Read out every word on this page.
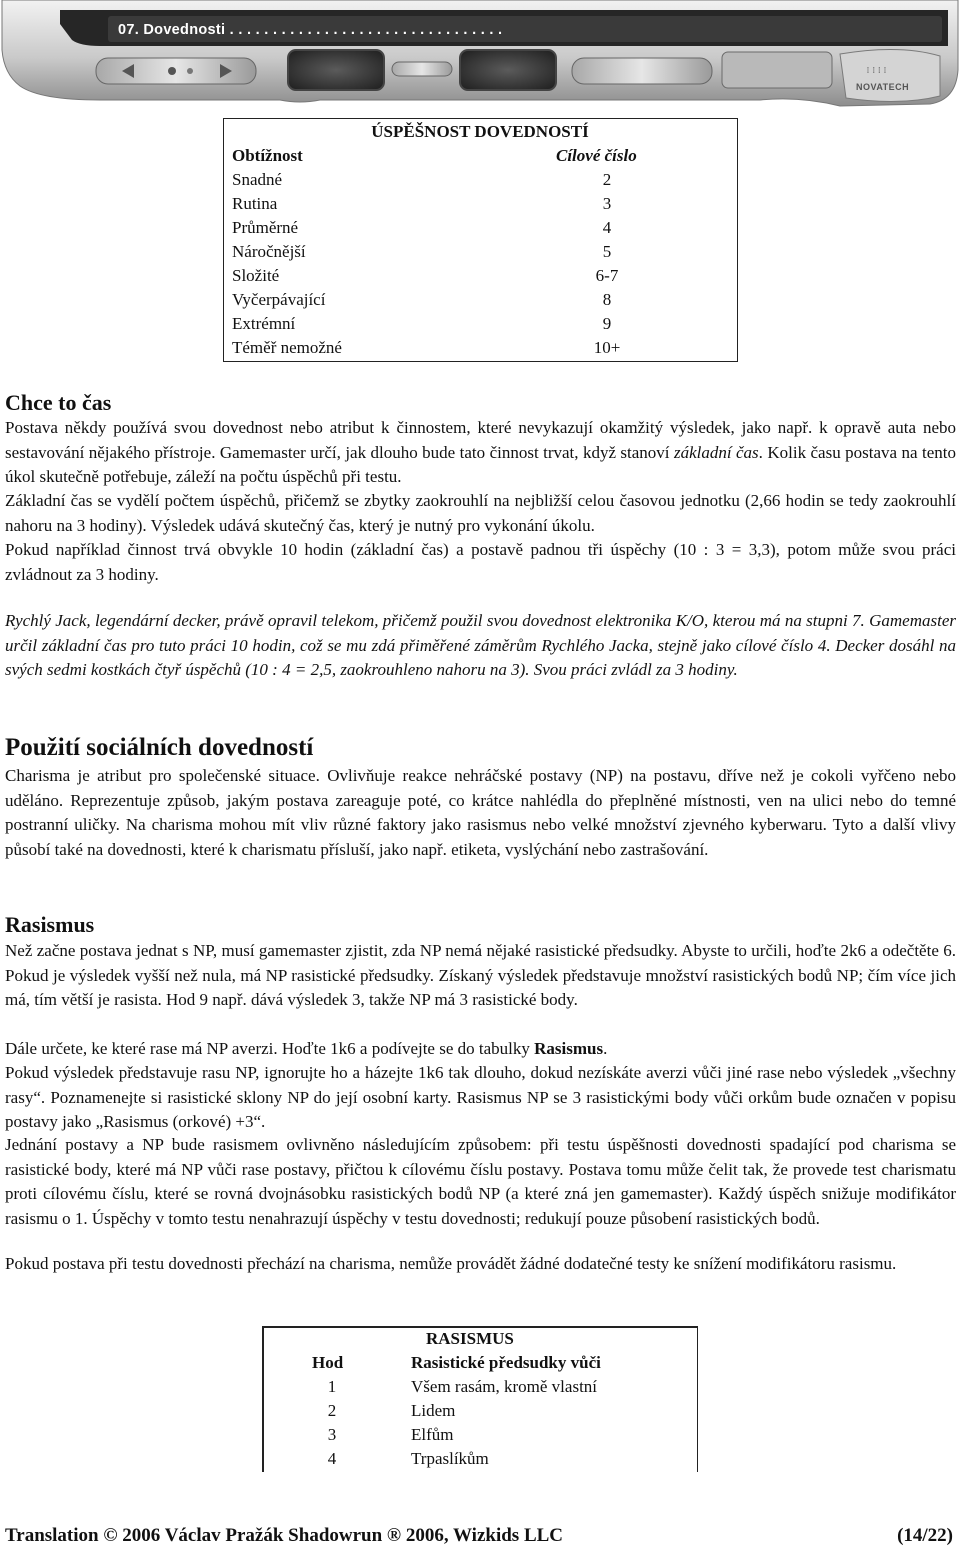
07. Dovednosti . . . . . . . . . . . . . . . . . . . . . . . . . . . . . . . .
⁞⁞⁞⁞
NOVATECH
ÚSPĚŠNOST DOVEDNOSTÍ
Obtížnost	Cílové číslo
Snadné	2
Rutina	3
Průměrné	4
Náročnější	5
Složité	6-7
Vyčerpávající	8
Extrémní	9
Téměř nemožné	10+
Chce to čas
Postava někdy používá svou dovednost nebo atribut k činnostem, které nevykazují okamžitý výsledek, jako např. k opravě auta nebo sestavování nějakého přístroje. Gamemaster určí, jak dlouho bude tato činnost trvat, když stanoví základní čas. Kolik času postava na tento úkol skutečně potřebuje, záleží na počtu úspěchů při testu.
Základní čas se vydělí počtem úspěchů, přičemž se zbytky zaokrouhlí na nejbližší celou časovou jednotku (2,66 hodin se tedy zaokrouhlí nahoru na 3 hodiny). Výsledek udává skutečný čas, který je nutný pro vykonání úkolu.
Pokud například činnost trvá obvykle 10 hodin (základní čas) a postavě padnou tři úspěchy (10 : 3 = 3,3), potom může svou práci zvládnout za 3 hodiny.
Rychlý Jack, legendární decker, právě opravil telekom, přičemž použil svou dovednost elektronika K/O, kterou má na stupni 7. Gamemaster určil základní čas pro tuto práci 10 hodin, což se mu zdá přiměřené záměrům Rychlého Jacka, stejně jako cílové číslo 4. Decker dosáhl na svých sedmi kostkách čtyř úspěchů (10 : 4 = 2,5, zaokrouhleno nahoru na 3). Svou práci zvládl za 3 hodiny.
Použití sociálních dovedností
Charisma je atribut pro společenské situace. Ovlivňuje reakce nehráčské postavy (NP) na postavu, dříve než je cokoli vyřčeno nebo uděláno. Reprezentuje způsob, jakým postava zareaguje poté, co krátce nahlédla do přeplněné místnosti, ven na ulici nebo do temné postranní uličky. Na charisma mohou mít vliv různé faktory jako rasismus nebo velké množství zjevného kyberwaru. Tyto a další vlivy působí také na dovednosti, které k charismatu přísluší, jako např. etiketa, vyslýchání nebo zastrašování.
Rasismus
Než začne postava jednat s NP, musí gamemaster zjistit, zda NP nemá nějaké rasistické předsudky. Abyste to určili, hoďte 2k6 a odečtěte 6. Pokud je výsledek vyšší než nula, má NP rasistické předsudky. Získaný výsledek představuje množství rasistických bodů NP; čím více jich má, tím větší je rasista. Hod 9 např. dává výsledek 3, takže NP má 3 rasistické body.
Dále určete, ke které rase má NP averzi. Hoďte 1k6 a podívejte se do tabulky Rasismus.
Pokud výsledek představuje rasu NP, ignorujte ho a házejte 1k6 tak dlouho, dokud nezískáte averzi vůči jiné rase nebo výsledek „všechny rasy“. Poznamenejte si rasistické sklony NP do její osobní karty. Rasismus NP se 3 rasistickými body vůči orkům bude označen v popisu postavy jako „Rasismus (orkové) +3“.
Jednání postavy a NP bude rasismem ovlivněno následujícím způsobem: při testu úspěšnosti dovednosti spadající pod charisma se rasistické body, které má NP vůči rase postavy, přičtou k cílovému číslu postavy. Postava tomu může čelit tak, že provede test charismatu proti cílovému číslu, které se rovná dvojnásobku rasistických bodů NP (a které zná jen gamemaster). Každý úspěch snižuje modifikátor rasismu o 1. Úspěchy v tomto testu nenahrazují úspěchy v testu dovednosti; redukují pouze působení rasistických bodů.
Pokud postava při testu dovednosti přechází na charisma, nemůže provádět žádné dodatečné testy ke snížení modifikátoru rasismu.
RASISMUS
Hod	Rasistické předsudky vůči
1	Všem rasám, kromě vlastní
2	Lidem
3	Elfům
4	Trpaslíkům
Translation © 2006 Václav Pražák Shadowrun ® 2006, Wizkids LLC	(14/22)
